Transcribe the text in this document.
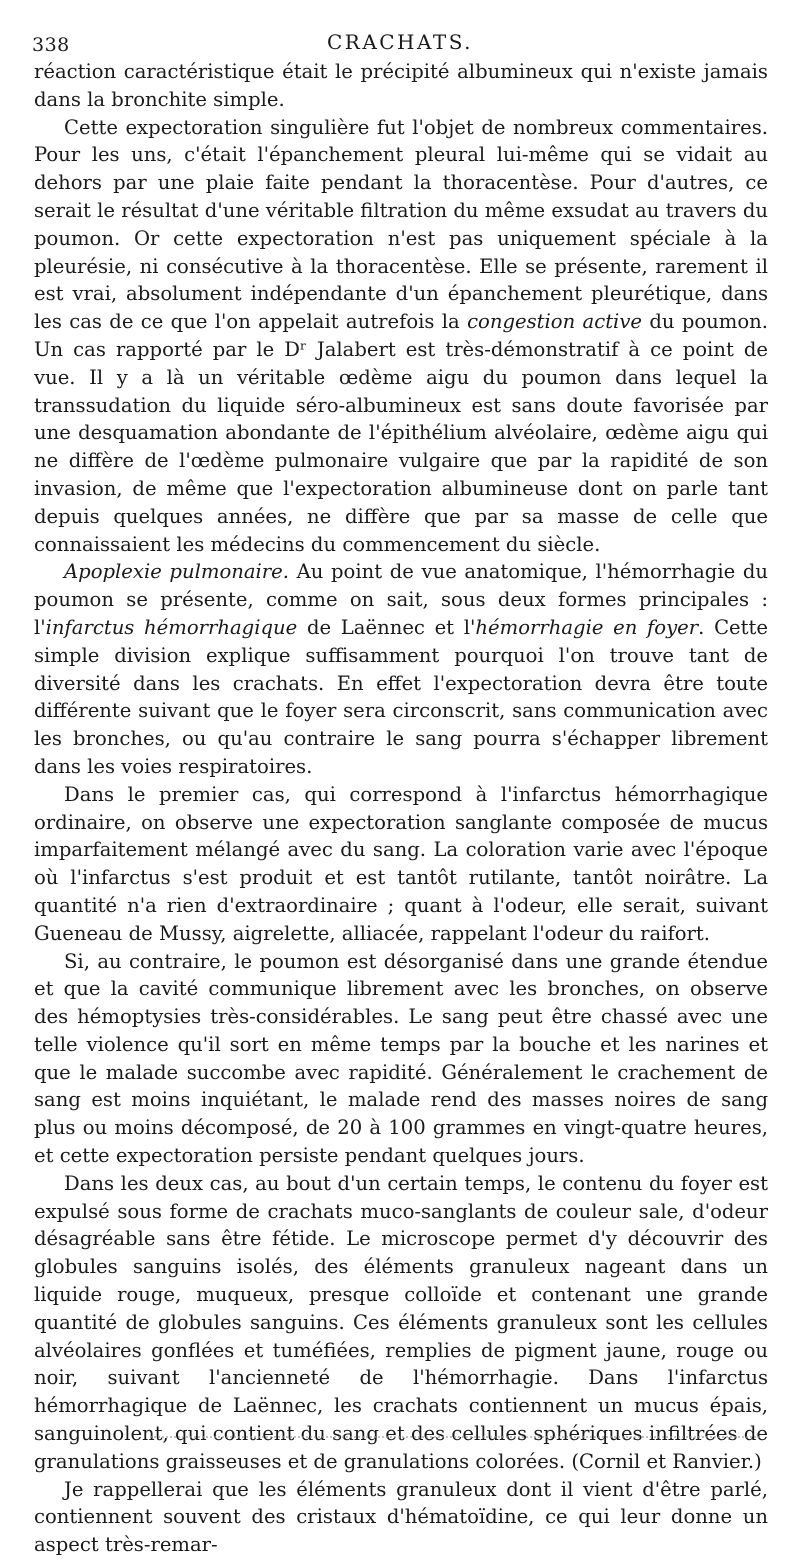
338	CRACHATS.

réaction caractéristique était le précipité albumineux qui n'existe jamais dans la bronchite simple.

Cette expectoration singulière fut l'objet de nombreux commentaires. Pour les uns, c'était l'épanchement pleural lui-même qui se vidait au dehors par une plaie faite pendant la thoracentèse. Pour d'autres, ce serait le résultat d'une véritable filtration du même exsudat au travers du poumon. Or cette expectoration n'est pas uniquement spéciale à la pleurésie, ni consécutive à la thoracentèse. Elle se présente, rarement il est vrai, absolument indépendante d'un épanchement pleurétique, dans les cas de ce que l'on appelait autrefois la congestion active du poumon. Un cas rapporté par le Dʳ Jalabert est très-démonstratif à ce point de vue. Il y a là un véritable œdème aigu du poumon dans lequel la transsudation du liquide séro-albumineux est sans doute favorisée par une desquamation abondante de l'épithélium alvéolaire, œdème aigu qui ne diffère de l'œdème pulmonaire vulgaire que par la rapidité de son invasion, de même que l'expectoration albumineuse dont on parle tant depuis quelques années, ne diffère que par sa masse de celle que connaissaient les médecins du commencement du siècle.

Apoplexie pulmonaire. Au point de vue anatomique, l'hémorrhagie du poumon se présente, comme on sait, sous deux formes principales : l'infarctus hémorrhagique de Laënnec et l'hémorrhagie en foyer. Cette simple division explique suffisamment pourquoi l'on trouve tant de diversité dans les crachats. En effet l'expectoration devra être toute différente suivant que le foyer sera circonscrit, sans communication avec les bronches, ou qu'au contraire le sang pourra s'échapper librement dans les voies respiratoires.

Dans le premier cas, qui correspond à l'infarctus hémorrhagique ordinaire, on observe une expectoration sanglante composée de mucus imparfaitement mélangé avec du sang. La coloration varie avec l'époque où l'infarctus s'est produit et est tantôt rutilante, tantôt noirâtre. La quantité n'a rien d'extraordinaire ; quant à l'odeur, elle serait, suivant Gueneau de Mussy, aigrelette, alliacée, rappelant l'odeur du raifort.

Si, au contraire, le poumon est désorganisé dans une grande étendue et que la cavité communique librement avec les bronches, on observe des hémoptysies très-considérables. Le sang peut être chassé avec une telle violence qu'il sort en même temps par la bouche et les narines et que le malade succombe avec rapidité. Généralement le crachement de sang est moins inquiétant, le malade rend des masses noires de sang plus ou moins décomposé, de 20 à 100 grammes en vingt-quatre heures, et cette expectoration persiste pendant quelques jours.

Dans les deux cas, au bout d'un certain temps, le contenu du foyer est expulsé sous forme de crachats muco-sanglants de couleur sale, d'odeur désagréable sans être fétide. Le microscope permet d'y découvrir des globules sanguins isolés, des éléments granuleux nageant dans un liquide rouge, muqueux, presque colloïde et contenant une grande quantité de globules sanguins. Ces éléments granuleux sont les cellules alvéolaires gonflées et tuméfiées, remplies de pigment jaune, rouge ou noir, suivant l'ancienneté de l'hémorrhagie. Dans l'infarctus hémorrhagique de Laënnec, les crachats contiennent un mucus épais, sanguinolent, qui contient du sang et des cellules sphériques infiltrées de granulations graisseuses et de granulations colorées. (Cornil et Ranvier.)

Je rappellerai que les éléments granuleux dont il vient d'être parlé, contiennent souvent des cristaux d'hématoïdine, ce qui leur donne un aspect très-remar-
